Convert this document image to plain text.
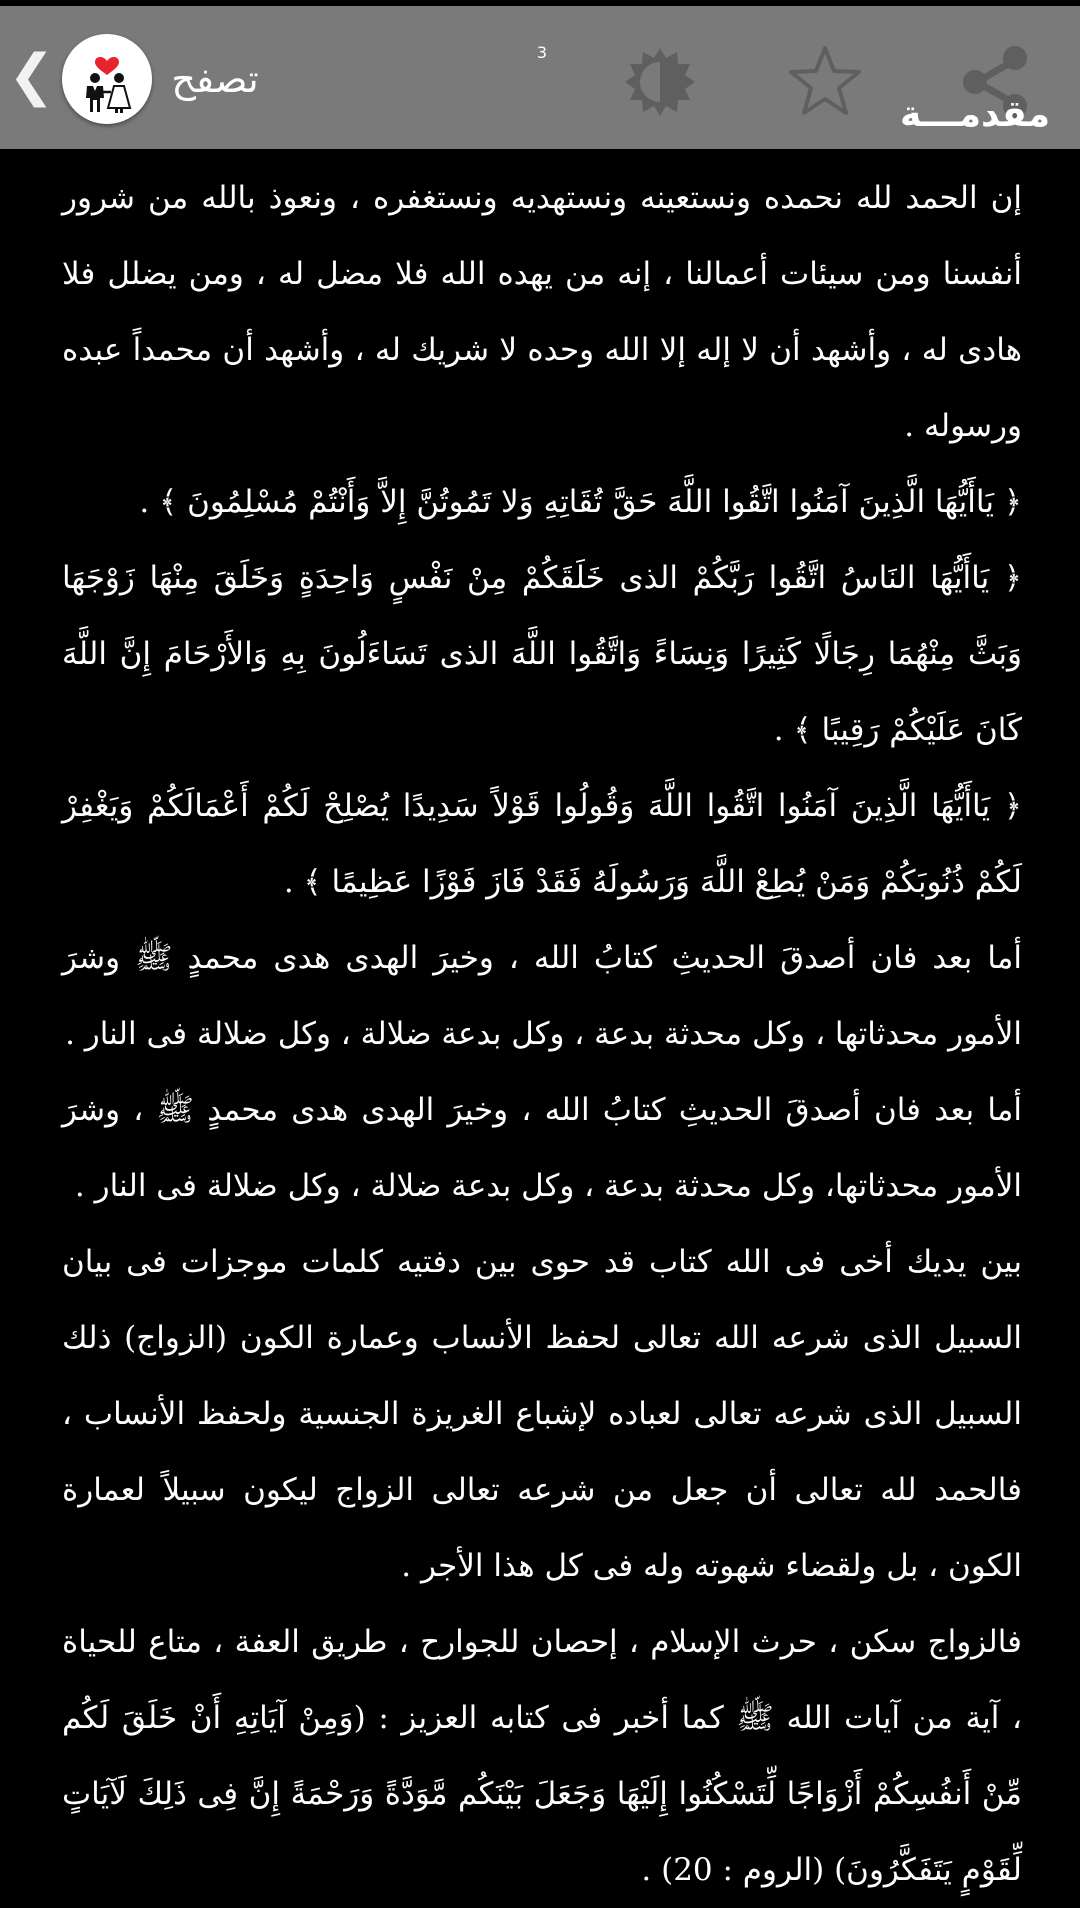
❮	تصفح
3
مقدمـــة

إن الحمد لله نحمده ونستعينه ونستهديه ونستغفره ، ونعوذ بالله من شرور أنفسنا ومن سيئات أعمالنا ، إنه من يهده الله فلا مضل له ، ومن يضلل فلا هادى له ، وأشهد أن لا إله إلا الله وحده لا شريك له ، وأشهد أن محمداً عبده ورسوله .

﴿ يَاأَيُّهَا الَّذِينَ آمَنُوا اتَّقُوا اللَّهَ حَقَّ تُقَاتِهِ وَلا تَمُوتُنَّ إِلاَّ وَأَنْتُمْ مُسْلِمُونَ ﴾ .

﴿ يَاأَيُّهَا النَاسُ اتَّقُوا رَبَّكُمْ الذى خَلَقَكُمْ مِنْ نَفْسٍ وَاحِدَةٍ وَخَلَقَ مِنْهَا زَوْجَهَا وَبَثَّ مِنْهُمَا رِجَالًا كَثِيرًا وَنِسَاءً وَاتَّقُوا اللَّهَ الذى تَسَاءَلُونَ بِهِ وَالأَرْحَامَ إِنَّ اللَّهَ كَانَ عَلَيْكُمْ رَقِيبًا ﴾ .

﴿ يَاأَيُّهَا الَّذِينَ آمَنُوا اتَّقُوا اللَّهَ وَقُولُوا قَوْلاً سَدِيدًا يُصْلِحْ لَكُمْ أَعْمَالَكُمْ وَيَغْفِرْ لَكُمْ ذُنُوبَكُمْ وَمَنْ يُطِعْ اللَّهَ وَرَسُولَهُ فَقَدْ فَازَ فَوْزًا عَظِيمًا ﴾ .

أما بعد فان أصدقَ الحديثِ كتابُ الله ، وخيرَ الهدى هدى محمدٍ ﷺ وشرَ الأمور محدثاتها ، وكل محدثة بدعة ، وكل بدعة ضلالة ، وكل ضلالة فى النار .

أما بعد فان أصدقَ الحديثِ كتابُ الله ، وخيرَ الهدى هدى محمدٍ ﷺ ، وشرَ الأمور محدثاتها، وكل محدثة بدعة ، وكل بدعة ضلالة ، وكل ضلالة فى النار .

بين يديك أخى فى الله كتاب قد حوى بين دفتيه كلمات موجزات فى بيان السبيل الذى شرعه الله تعالى لحفظ الأنساب وعمارة الكون (الزواج) ذلك السبيل الذى شرعه تعالى لعباده لإشباع الغريزة الجنسية ولحفظ الأنساب ، فالحمد لله تعالى أن جعل من شرعه تعالى الزواج ليكون سبيلاً لعمارة الكون ، بل ولقضاء شهوته وله فى كل هذا الأجر .

فالزواج سكن ، حرث الإسلام ، إحصان للجوارح ، طريق العفة ، متاع للحياة ، آية من آيات الله ﷺ كما أخبر فى كتابه العزيز : (وَمِنْ آيَاتِهِ أَنْ خَلَقَ لَكُم مِّنْ أَنفُسِكُمْ أَزْوَاجًا لِّتَسْكُنُوا إِلَيْهَا وَجَعَلَ بَيْنَكُم مَّوَدَّةً وَرَحْمَةً إِنَّ فِى ذَلِكَ لَآيَاتٍ لِّقَوْمٍ يَتَفَكَّرُونَ) (الروم : 20) .
